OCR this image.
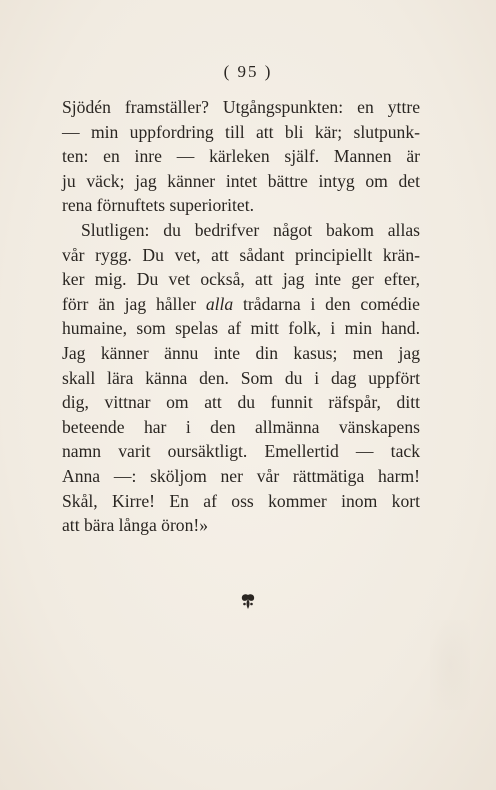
( 95 )
Sjödén framställer? Utgångspunkten: en yttre
— min uppfordring till att bli kär; slutpunk-
ten: en inre — kärleken själf. Mannen är
ju väck; jag känner intet bättre intyg om det
rena förnuftets superioritet.
Slutligen: du bedrifver något bakom allas
vår rygg. Du vet, att sådant principiellt krän-
ker mig. Du vet också, att jag inte ger efter,
förr än jag håller alla trådarna i den comédie
humaine, som spelas af mitt folk, i min hand.
Jag känner ännu inte din kasus; men jag
skall lära känna den. Som du i dag uppfört
dig, vittnar om att du funnit räfspår, ditt
beteende har i den allmänna vänskapens
namn varit oursäktligt. Emellertid — tack
Anna —: sköljom ner vår rättmätiga harm!
Skål, Kirre! En af oss kommer inom kort
att bära långa öron!»
